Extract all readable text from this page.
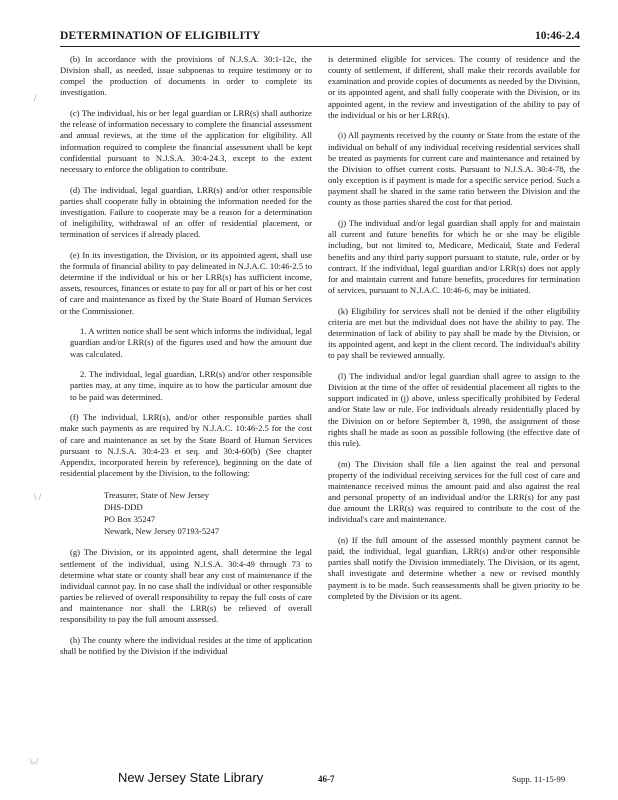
DETERMINATION OF ELIGIBILITY	10:46-2.4

(b) In accordance with the provisions of N.J.S.A. 30:1-12c, the Division shall, as needed, issue subpoenas to require testimony or to compel the production of documents in order to complete its investigation.

(c) The individual, his or her legal guardian or LRR(s) shall authorize the release of information necessary to complete the financial assessment and annual reviews, at the time of the application for eligibility. All information required to complete the financial assessment shall be kept confidential pursuant to N.J.S.A. 30:4-24.3, except to the extent necessary to enforce the obligation to contribute.

(d) The individual, legal guardian, LRR(s) and/or other responsible parties shall cooperate fully in obtaining the information needed for the investigation. Failure to cooperate may be a reason for a determination of ineligibility, withdrawal of an offer of residential placement, or termination of services if already placed.

(e) In its investigation, the Division, or its appointed agent, shall use the formula of financial ability to pay delineated in N.J.A.C. 10:46-2.5 to determine if the individual or his or her LRR(s) has sufficient income, assets, resources, finances or estate to pay for all or part of his or her cost of care and maintenance as fixed by the State Board of Human Services or the Commissioner.

1. A written notice shall be sent which informs the individual, legal guardian and/or LRR(s) of the figures used and how the amount due was calculated.

2. The individual, legal guardian, LRR(s) and/or other responsible parties may, at any time, inquire as to how the particular amount due to be paid was determined.

(f) The individual, LRR(s), and/or other responsible parties shall make such payments as are required by N.J.A.C. 10:46-2.5 for the cost of care and maintenance as set by the State Board of Human Services pursuant to N.J.S.A. 30:4-23 et seq. and 30:4-60(b) (See chapter Appendix, incorporated herein by reference), beginning on the date of residential placement by the Division, to the following:

Treasurer, State of New Jersey
DHS-DDD
PO Box 35247
Newark, New Jersey 07193-5247

(g) The Division, or its appointed agent, shall determine the legal settlement of the individual, using N.J.S.A. 30:4-49 through 73 to determine what state or county shall bear any cost of maintenance if the individual cannot pay. In no case shall the individual or other responsible parties be relieved of overall responsibility to repay the full costs of care and maintenance nor shall the LRR(s) be relieved of overall responsibility to pay the full amount assessed.

(h) The county where the individual resides at the time of application shall be notified by the Division if the individual

is determined eligible for services. The county of residence and the county of settlement, if different, shall make their records available for examination and provide copies of documents as needed by the Division, or its appointed agent, and shall fully cooperate with the Division, or its appointed agent, in the review and investigation of the ability to pay of the individual or his or her LRR(s).

(i) All payments received by the county or State from the estate of the individual on behalf of any individual receiving residential services shall be treated as payments for current care and maintenance and retained by the Division to offset current costs. Pursuant to N.J.S.A. 30:4-78, the only exception is if payment is made for a specific service period. Such a payment shall be shared in the same ratio between the Division and the county as those parties shared the cost for that period.

(j) The individual and/or legal guardian shall apply for and maintain all current and future benefits for which he or she may be eligible including, but not limited to, Medicare, Medicaid, State and Federal benefits and any third party support pursuant to statute, rule, order or by contract. If the individual, legal guardian and/or LRR(s) does not apply for and maintain current and future benefits, procedures for termination of services, pursuant to N.J.A.C. 10:46-6, may be initiated.

(k) Eligibility for services shall not be denied if the other eligibility criteria are met but the individual does not have the ability to pay. The determination of lack of ability to pay shall be made by the Division, or its appointed agent, and kept in the client record. The individual's ability to pay shall be reviewed annually.

(l) The individual and/or legal guardian shall agree to assign to the Division at the time of the offer of residential placement all rights to the support indicated in (j) above, unless specifically prohibited by Federal and/or State law or rule. For individuals already residentially placed by the Division on or before September 8, 1998, the assignment of those rights shall be made as soon as possible following (the effective date of this rule).

(m) The Division shall file a lien against the real and personal property of the individual receiving services for the full cost of care and maintenance received minus the amount paid and also against the real and personal property of an individual and/or the LRR(s) for any past due amount the LRR(s) was required to contribute to the cost of the individual's care and maintenance.

(n) If the full amount of the assessed monthly payment cannot be paid, the individual, legal guardian, LRR(s) and/or other responsible parties shall notify the Division immediately. The Division, or its agent, shall investigate and determine whether a new or revised monthly payment is to be made. Such reassessments shall be given priority to be completed by the Division or its agent.

/
\ /
\-/
New Jersey State Library	46-7	Supp. 11-15-99
